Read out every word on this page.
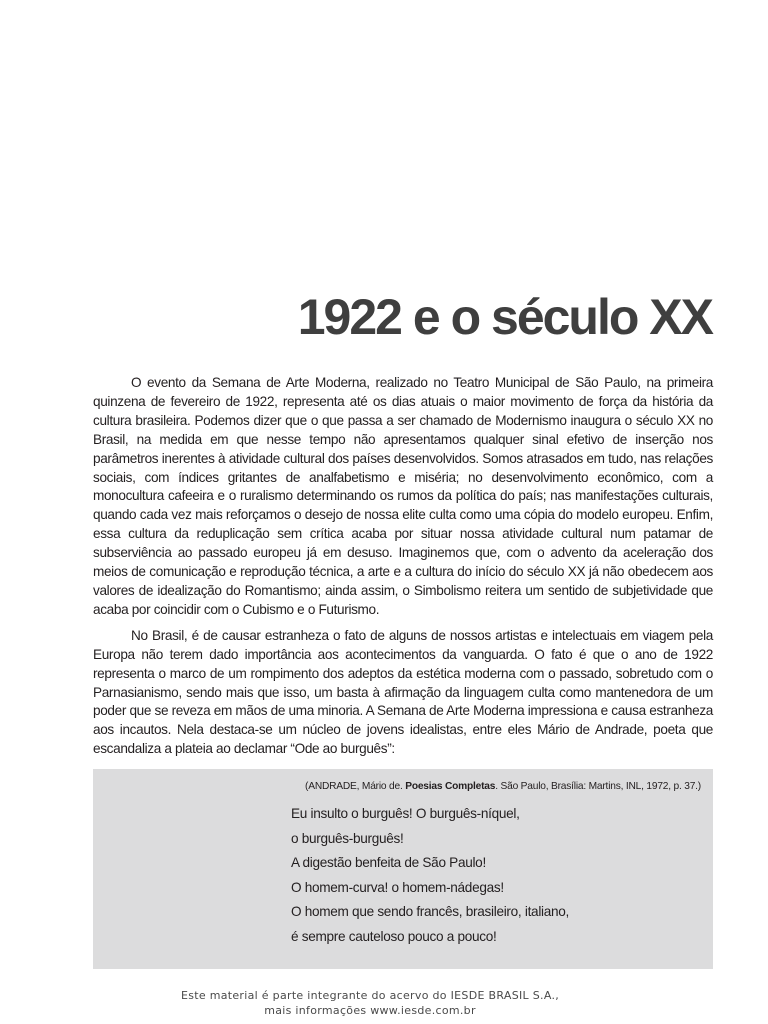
1922 e o século XX

O evento da Semana de Arte Moderna, realizado no Teatro Municipal de São Paulo, na primeira quinzena de fevereiro de 1922, representa até os dias atuais o maior movimento de força da história da cultura brasileira. Podemos dizer que o que passa a ser chamado de Modernismo inaugura o século XX no Brasil, na medida em que nesse tempo não apresentamos qualquer sinal efetivo de inserção nos parâmetros inerentes à atividade cultural dos países desenvolvidos. Somos atrasados em tudo, nas relações sociais, com índices gritantes de analfabetismo e miséria; no desenvolvimento econômico, com a monocultura cafeeira e o ruralismo determinando os rumos da política do país; nas manifestações culturais, quando cada vez mais reforçamos o desejo de nossa elite culta como uma cópia do modelo europeu. Enfim, essa cultura da reduplicação sem crítica acaba por situar nossa atividade cultural num patamar de subserviência ao passado europeu já em desuso. Imaginemos que, com o advento da aceleração dos meios de comunicação e reprodução técnica, a arte e a cultura do início do século XX já não obedecem aos valores de idealização do Romantismo; ainda assim, o Simbolismo reitera um sentido de subjetividade que acaba por coincidir com o Cubismo e o Futurismo.

No Brasil, é de causar estranheza o fato de alguns de nossos artistas e intelectuais em viagem pela Europa não terem dado importância aos acontecimentos da vanguarda. O fato é que o ano de 1922 representa o marco de um rompimento dos adeptos da estética moderna com o passado, sobretudo com o Parnasianismo, sendo mais que isso, um basta à afirmação da linguagem culta como mantenedora de um poder que se reveza em mãos de uma minoria. A Semana de Arte Moderna impressiona e causa estranheza aos incautos. Nela destaca-se um núcleo de jovens idealistas, entre eles Mário de Andrade, poeta que escandaliza a plateia ao declamar “Ode ao burguês”:

(ANDRADE, Mário de. Poesias Completas. São Paulo, Brasília: Martins, INL, 1972, p. 37.)
Eu insulto o burguês! O burguês-níquel,
o burguês-burguês!
A digestão benfeita de São Paulo!
O homem-curva! o homem-nádegas!
O homem que sendo francês, brasileiro, italiano,
é sempre cauteloso pouco a pouco!
Este material é parte integrante do acervo do IESDE BRASIL S.A.,
mais informações www.iesde.com.br
